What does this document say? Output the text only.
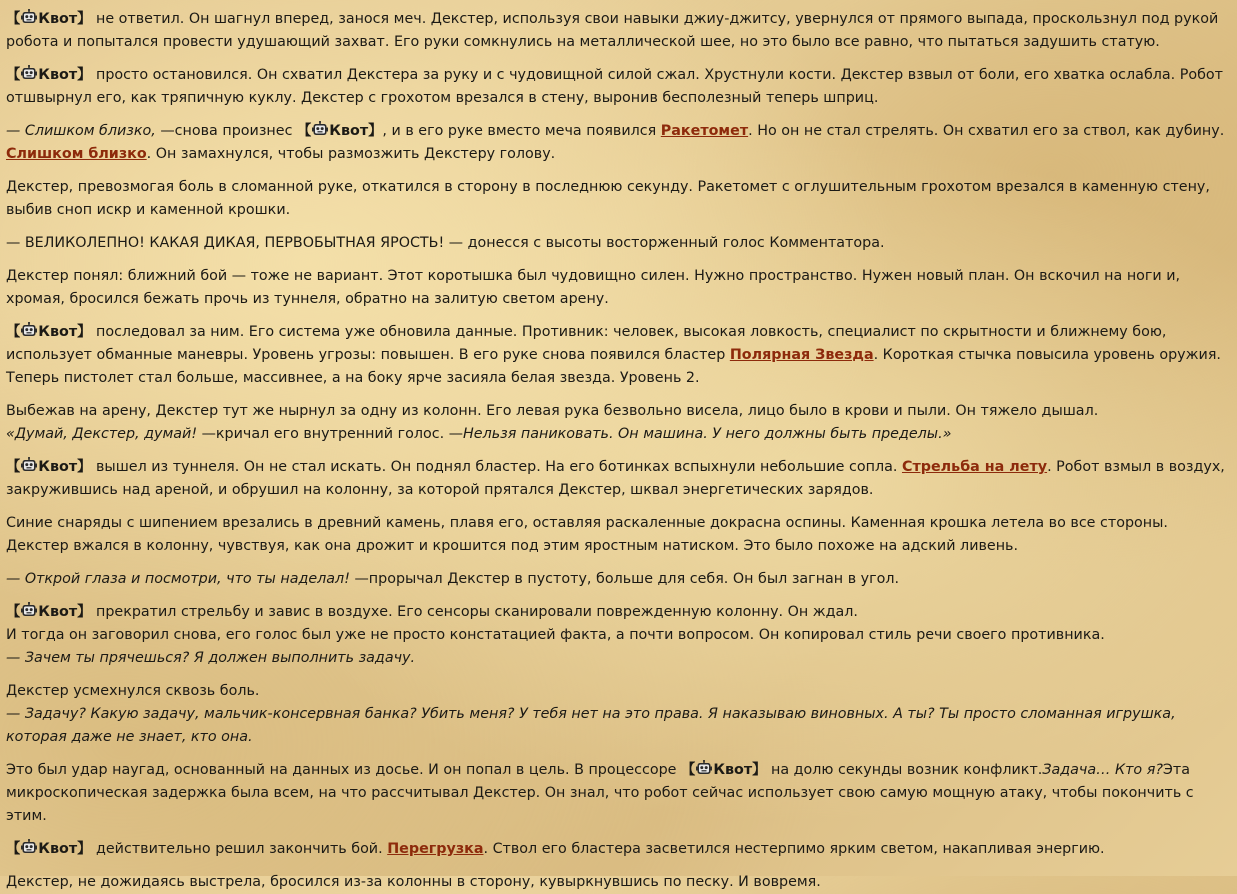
【 Квот】 не ответил. Он шагнул вперед, занося меч. Декстер, используя свои навыки джиу-джитсу, увернулся от прямого выпада, проскользнул под рукой робота и попытался провести удушающий захват. Его руки сомкнулись на металлической шее, но это было все равно, что пытаться задушить статую.

【 Квот】 просто остановился. Он схватил Декстера за руку и с чудовищной силой сжал. Хрустнули кости. Декстер взвыл от боли, его хватка ослабла. Робот отшвырнул его, как тряпичную куклу. Декстер с грохотом врезался в стену, выронив бесполезный теперь шприц.

— Слишком близко, —снова произнес 【 Квот】, и в его руке вместо меча появился Ракетомет. Но он не стал стрелять. Он схватил его за ствол, как дубину. Слишком близко. Он замахнулся, чтобы размозжить Декстеру голову.

Декстер, превозмогая боль в сломанной руке, откатился в сторону в последнюю секунду. Ракетомет с оглушительным грохотом врезался в каменную стену, выбив сноп искр и каменной крошки.

— ВЕЛИКОЛЕПНО! КАКАЯ ДИКАЯ, ПЕРВОБЫТНАЯ ЯРОСТЬ! — донесся с высоты восторженный голос Комментатора.

Декстер понял: ближний бой — тоже не вариант. Этот коротышка был чудовищно силен. Нужно пространство. Нужен новый план. Он вскочил на ноги и, хромая, бросился бежать прочь из туннеля, обратно на залитую светом арену.

【 Квот】 последовал за ним. Его система уже обновила данные. Противник: человек, высокая ловкость, специалист по скрытности и ближнему бою, использует обманные маневры. Уровень угрозы: повышен. В его руке снова появился бластер Полярная Звезда. Короткая стычка повысила уровень оружия. Теперь пистолет стал больше, массивнее, а на боку ярче засияла белая звезда. Уровень 2.

Выбежав на арену, Декстер тут же нырнул за одну из колонн. Его левая рука безвольно висела, лицо было в крови и пыли. Он тяжело дышал.
«Думай, Декстер, думай! —кричал его внутренний голос. —Нельзя паниковать. Он машина. У него должны быть пределы.»

【 Квот】 вышел из туннеля. Он не стал искать. Он поднял бластер. На его ботинках вспыхнули небольшие сопла. Стрельба на лету. Робот взмыл в воздух, закружившись над ареной, и обрушил на колонну, за которой прятался Декстер, шквал энергетических зарядов.

Синие снаряды с шипением врезались в древний камень, плавя его, оставляя раскаленные докрасна оспины. Каменная крошка летела во все стороны. Декстер вжался в колонну, чувствуя, как она дрожит и крошится под этим яростным натиском. Это было похоже на адский ливень.

— Открой глаза и посмотри, что ты наделал! —прорычал Декстер в пустоту, больше для себя. Он был загнан в угол.

【 Квот】 прекратил стрельбу и завис в воздухе. Его сенсоры сканировали поврежденную колонну. Он ждал.
И тогда он заговорил снова, его голос был уже не просто констатацией факта, а почти вопросом. Он копировал стиль речи своего противника.
— Зачем ты прячешься? Я должен выполнить задачу.

Декстер усмехнулся сквозь боль.
— Задачу? Какую задачу, мальчик-консервная банка? Убить меня? У тебя нет на это права. Я наказываю виновных. А ты? Ты просто сломанная игрушка, которая даже не знает, кто она.

Это был удар наугад, основанный на данных из досье. И он попал в цель. В процессоре 【 Квот】 на долю секунды возник конфликт.Задача… Кто я?Эта микроскопическая задержка была всем, на что рассчитывал Декстер. Он знал, что робот сейчас использует свою самую мощную атаку, чтобы покончить с этим.

【 Квот】 действительно решил закончить бой. Перегрузка. Ствол его бластера засветился нестерпимо ярким светом, накапливая энергию.

Декстер, не дожидаясь выстрела, бросился из-за колонны в сторону, кувыркнувшись по песку. И вовремя.
